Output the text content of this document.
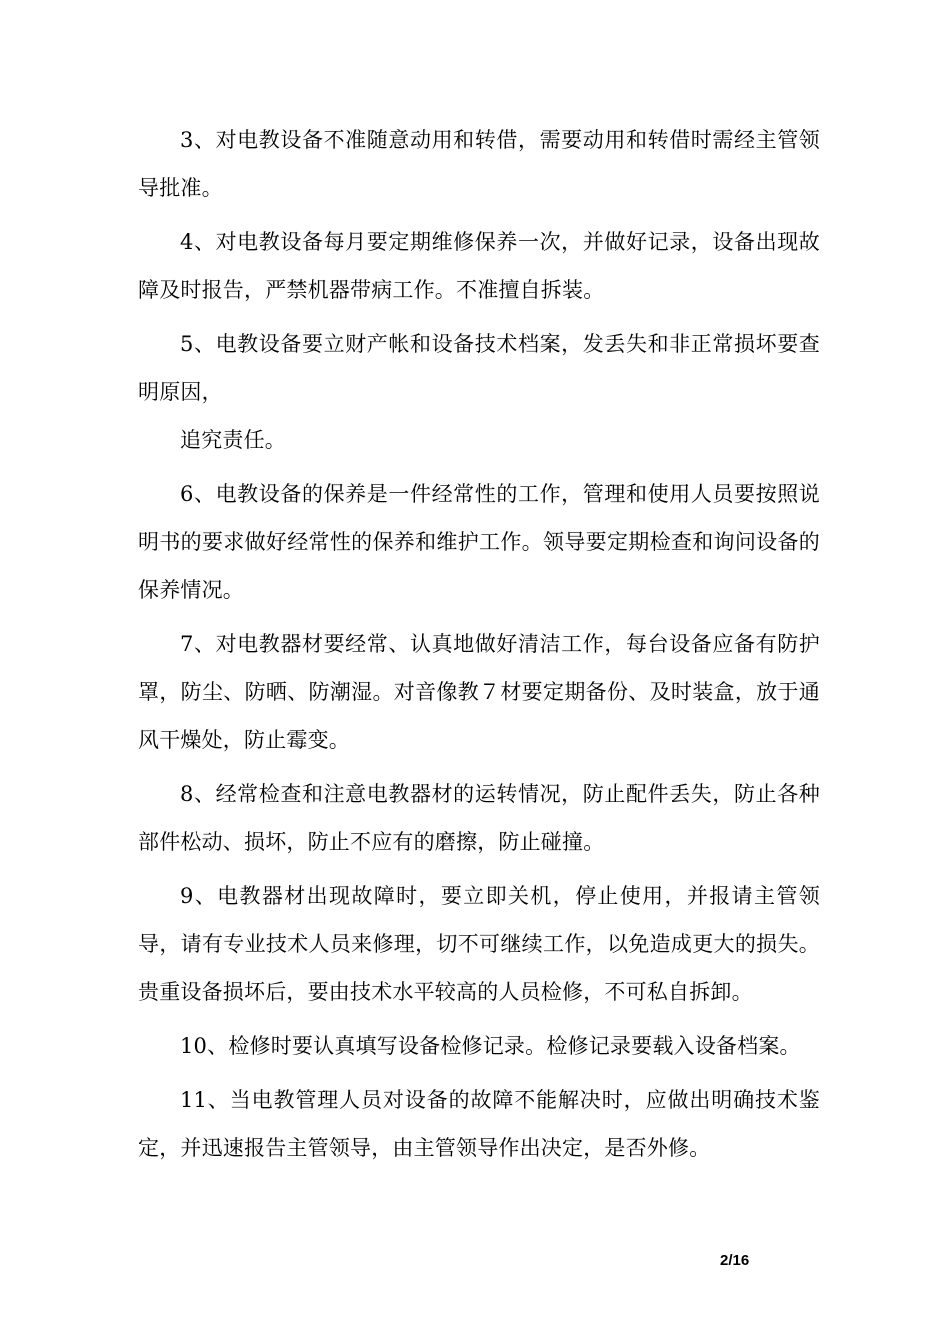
3、对电教设备不准随意动用和转借，需要动用和转借时需经主管领导批准。

4、对电教设备每月要定期维修保养一次，并做好记录，设备出现故障及时报告，严禁机器带病工作。不准擅自拆装。

5、电教设备要立财产帐和设备技术档案，发丢失和非正常损坏要查明原因，

追究责任。

6、电教设备的保养是一件经常性的工作，管理和使用人员要按照说明书的要求做好经常性的保养和维护工作。领导要定期检查和询问设备的保养情况。

7、对电教器材要经常、认真地做好清洁工作，每台设备应备有防护罩，防尘、防晒、防潮湿。对音像教７材要定期备份、及时装盒，放于通风干燥处，防止霉变。

8、经常检查和注意电教器材的运转情况，防止配件丢失，防止各种部件松动、损坏，防止不应有的磨擦，防止碰撞。

9、电教器材出现故障时，要立即关机，停止使用，并报请主管领导，请有专业技术人员来修理，切不可继续工作，以免造成更大的损失。贵重设备损坏后，要由技术水平较高的人员检修，不可私自拆卸。

10、检修时要认真填写设备检修记录。检修记录要载入设备档案。

11、当电教管理人员对设备的故障不能解决时，应做出明确技术鉴定，并迅速报告主管领导，由主管领导作出决定，是否外修。

2/16
